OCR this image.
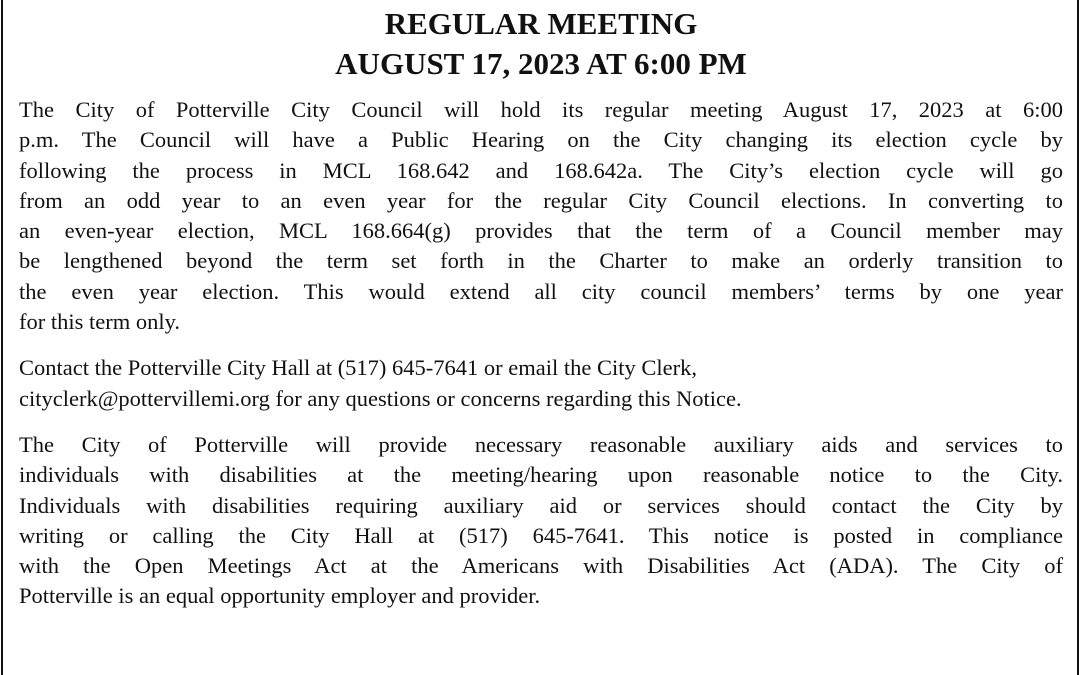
REGULAR MEETING
AUGUST 17, 2023 AT 6:00 PM
The City of Potterville City Council will hold its regular meeting August 17, 2023 at 6:00
p.m. The Council will have a Public Hearing on the City changing its election cycle by
following the process in MCL 168.642 and 168.642a. The City’s election cycle will go
from an odd year to an even year for the regular City Council elections. In converting to
an even-year election, MCL 168.664(g) provides that the term of a Council member may
be lengthened beyond the term set forth in the Charter to make an orderly transition to
the even year election. This would extend all city council members’ terms by one year
for this term only.
Contact the Potterville City Hall at (517) 645-7641 or email the City Clerk,
cityclerk@pottervillemi.org for any questions or concerns regarding this Notice.
The City of Potterville will provide necessary reasonable auxiliary aids and services to
individuals with disabilities at the meeting/hearing upon reasonable notice to the City.
Individuals with disabilities requiring auxiliary aid or services should contact the City by
writing or calling the City Hall at (517) 645-7641. This notice is posted in compliance
with the Open Meetings Act at the Americans with Disabilities Act (ADA). The City of
Potterville is an equal opportunity employer and provider.
